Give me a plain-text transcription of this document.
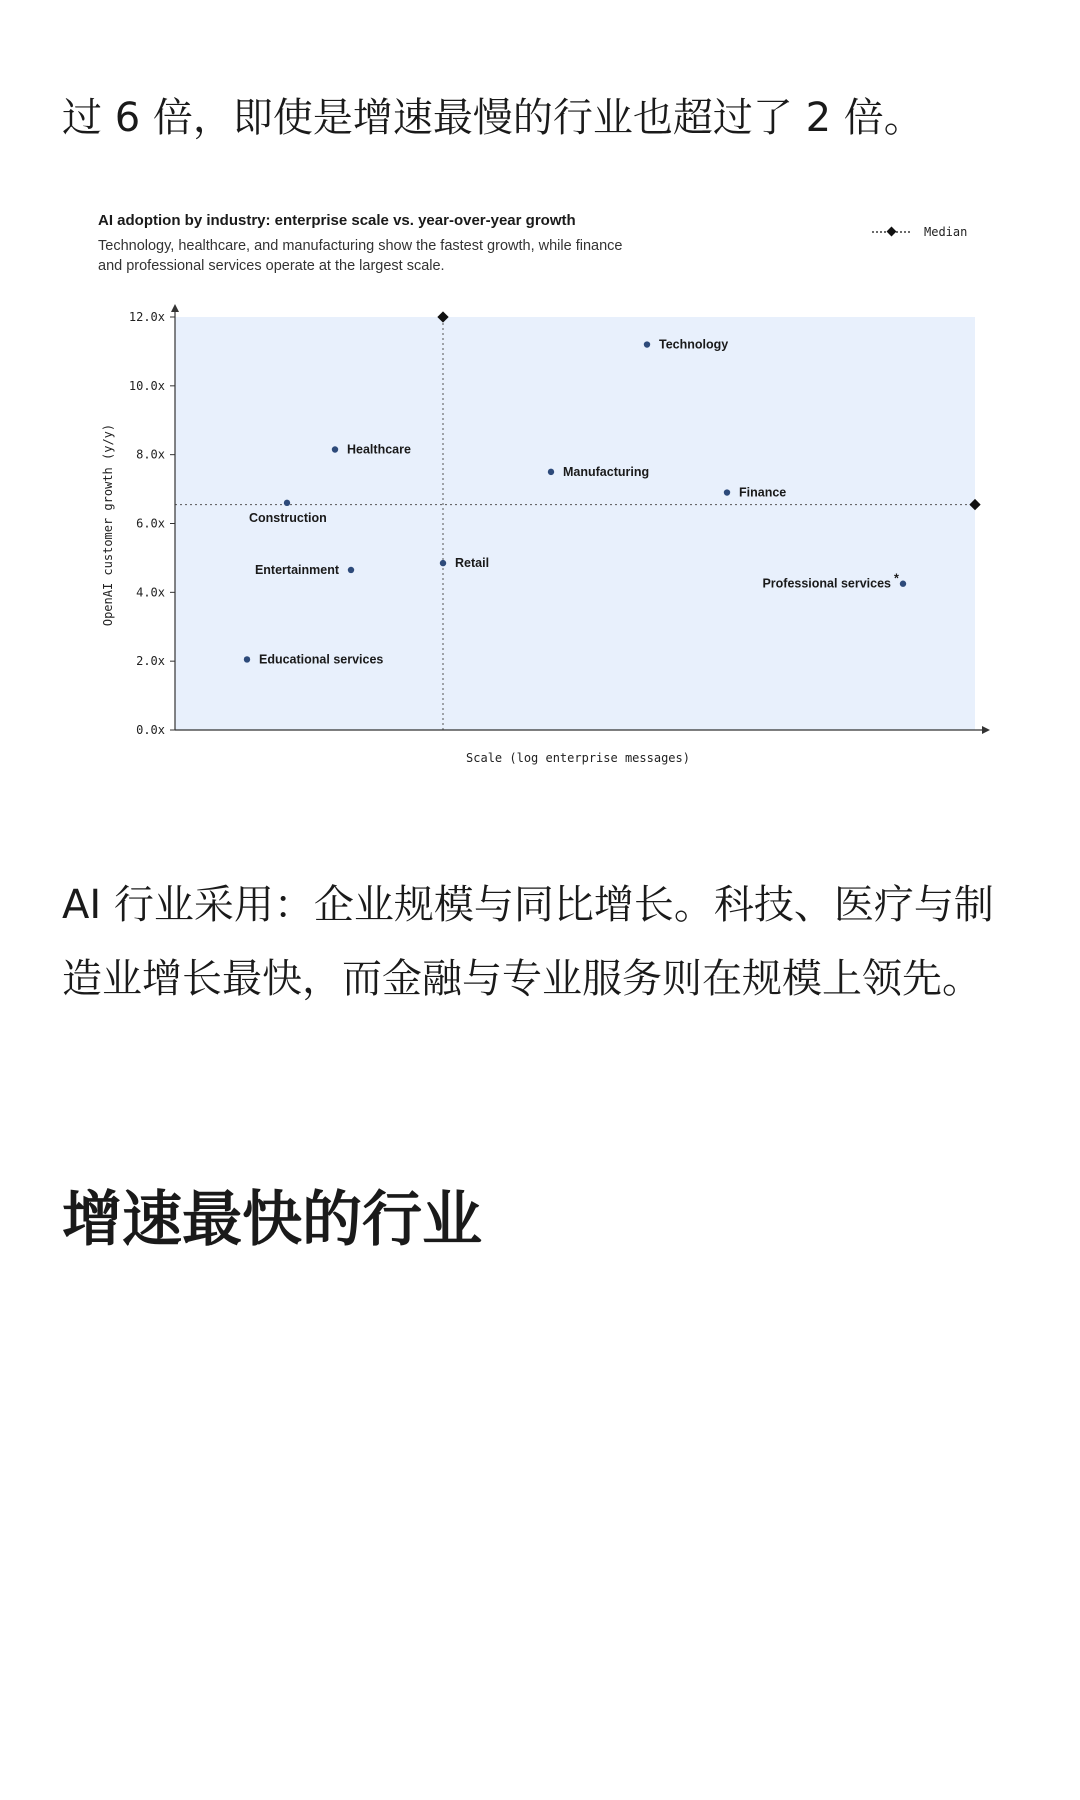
过 6 倍，即使是增速最慢的行业也超过了 2 倍。

AI adoption by industry: enterprise scale vs. year-over-year growth
Technology, healthcare, and manufacturing show the fastest growth, while finance
and professional services operate at the largest scale.
Median
0.0x
2.0x
4.0x
6.0x
8.0x
10.0x
12.0x
Technology
Healthcare
Manufacturing
Finance
Construction
Retail
Entertainment
Professional services *
Educational services
Scale (log enterprise messages)
OpenAI customer growth (y/y)

AI 行业采用：企业规模与同比增长。科技、医疗与制造业增长最快，而金融与专业服务则在规模上领先。

增速最快的行业
